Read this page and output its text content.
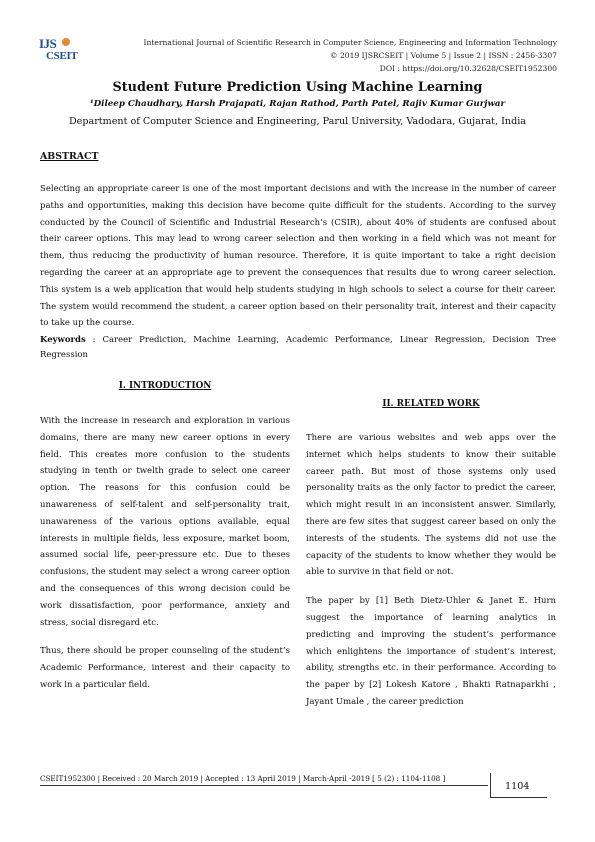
IJS
CSEIT
International Journal of Scientific Research in Computer Science, Engineering and Information Technology
© 2019 IJSRCSEIT | Volume 5 | Issue 2 | ISSN : 2456-3307
DOI : https://doi.org/10.32628/CSEIT1952300
Student Future Prediction Using Machine Learning
¹Dileep Chaudhary, Harsh Prajapati, Rajan Rathod, Parth Patel, Rajiv Kumar Gurjwar
Department of Computer Science and Engineering, Parul University, Vadodara, Gujarat, India
ABSTRACT
Selecting an appropriate career is one of the most important decisions and with the increase in the number of career paths and opportunities, making this decision have become quite difficult for the students. According to the survey conducted by the Council of Scientific and Industrial Research’s (CSIR), about 40% of students are confused about their career options. This may lead to wrong career selection and then working in a field which was not meant for them, thus reducing the productivity of human resource. Therefore, it is quite important to take a right decision regarding the career at an appropriate age to prevent the consequences that results due to wrong career selection. This system is a web application that would help students studying in high schools to select a course for their career. The system would recommend the student, a career option based on their personality trait, interest and their capacity to take up the course.
Keywords : Career Prediction, Machine Learning, Academic Performance, Linear Regression, Decision Tree Regression
I. INTRODUCTION

With the increase in research and exploration in various domains, there are many new career options in every field. This creates more confusion to the students studying in tenth or twelth grade to select one career option. The reasons for this confusion could be unawareness of self-talent and self-personality trait, unawareness of the various options available, equal interests in multiple fields, less exposure, market boom, assumed social life, peer-pressure etc. Due to theses confusions, the student may select a wrong career option and the consequences of this wrong decision could be work dissatisfaction, poor performance, anxiety and stress, social disregard etc.

Thus, there should be proper counseling of the student’s Academic Performance, interest and their capacity to work in a particular field.

II. RELATED WORK

There are various websites and web apps over the internet which helps students to know their suitable career path. But most of those systems only used personality traits as the only factor to predict the career, which might result in an inconsistent answer. Similarly, there are few sites that suggest career based on only the interests of the students. The systems did not use the capacity of the students to know whether they would be able to survive in that field or not.

The paper by [1] Beth Dietz-Uhler & Janet E. Hurn suggest the importance of learning analytics in predicting and improving the student’s performance which enlightens the importance of student’s interest, ability, strengths etc. in their performance. According to the paper by [2] Lokesh Katore , Bhakti Ratnaparkhi , Jayant Umale , the career prediction

CSEIT1952300 | Received : 20 March 2019 | Accepted : 13 April 2019 | March-April -2019 [ 5 (2) : 1104-1108 ]
1104
